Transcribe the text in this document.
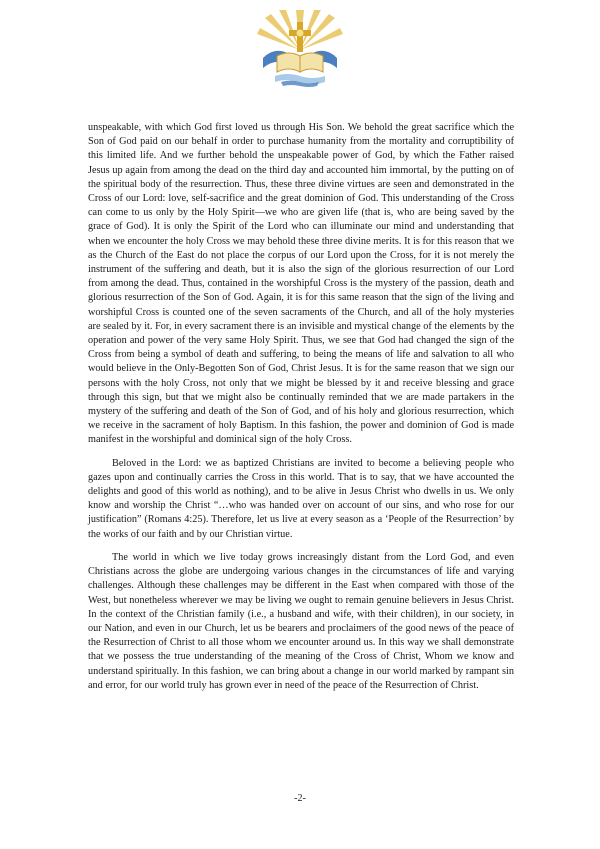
unspeakable, with which God first loved us through His Son. We behold the great sacrifice which the Son of God paid on our behalf in order to purchase humanity from the mortality and corruptibility of this limited life. And we further behold the unspeakable power of God, by which the Father raised Jesus up again from among the dead on the third day and accounted him immortal, by the putting on of the spiritual body of the resurrection. Thus, these three divine virtues are seen and demonstrated in the Cross of our Lord: love, self-sacrifice and the great dominion of God. This understanding of the Cross can come to us only by the Holy Spirit—we who are given life (that is, who are being saved by the grace of God). It is only the Spirit of the Lord who can illuminate our mind and understanding that when we encounter the holy Cross we may behold these three divine merits. It is for this reason that we as the Church of the East do not place the corpus of our Lord upon the Cross, for it is not merely the instrument of the suffering and death, but it is also the sign of the glorious resurrection of our Lord from among the dead. Thus, contained in the worshipful Cross is the mystery of the passion, death and glorious resurrection of the Son of God. Again, it is for this same reason that the sign of the living and worshipful Cross is counted one of the seven sacraments of the Church, and all of the holy mysteries are sealed by it. For, in every sacrament there is an invisible and mystical change of the elements by the operation and power of the very same Holy Spirit. Thus, we see that God had changed the sign of the Cross from being a symbol of death and suffering, to being the means of life and salvation to all who would believe in the Only-Begotten Son of God, Christ Jesus. It is for the same reason that we sign our persons with the holy Cross, not only that we might be blessed by it and receive blessing and grace through this sign, but that we might also be continually reminded that we are made partakers in the mystery of the suffering and death of the Son of God, and of his holy and glorious resurrection, which we receive in the sacrament of holy Baptism. In this fashion, the power and dominion of God is made manifest in the worshipful and dominical sign of the holy Cross.

Beloved in the Lord: we as baptized Christians are invited to become a believing people who gazes upon and continually carries the Cross in this world. That is to say, that we have accounted the delights and good of this world as nothing), and to be alive in Jesus Christ who dwells in us. We only know and worship the Christ “…who was handed over on account of our sins, and who rose for our justification” (Romans 4:25). Therefore, let us live at every season as a ‘People of the Resurrection’ by the works of our faith and by our Christian virtue.

The world in which we live today grows increasingly distant from the Lord God, and even Christians across the globe are undergoing various changes in the circumstances of life and varying challenges. Although these challenges may be different in the East when compared with those of the West, but nonetheless wherever we may be living we ought to remain genuine believers in Jesus Christ. In the context of the Christian family (i.e., a husband and wife, with their children), in our society, in our Nation, and even in our Church, let us be bearers and proclaimers of the good news of the peace of the Resurrection of Christ to all those whom we encounter around us. In this way we shall demonstrate that we possess the true understanding of the meaning of the Cross of Christ, Whom we know and understand spiritually. In this fashion, we can bring about a change in our world marked by rampant sin and error, for our world truly has grown ever in need of the peace of the Resurrection of Christ.

-2-
